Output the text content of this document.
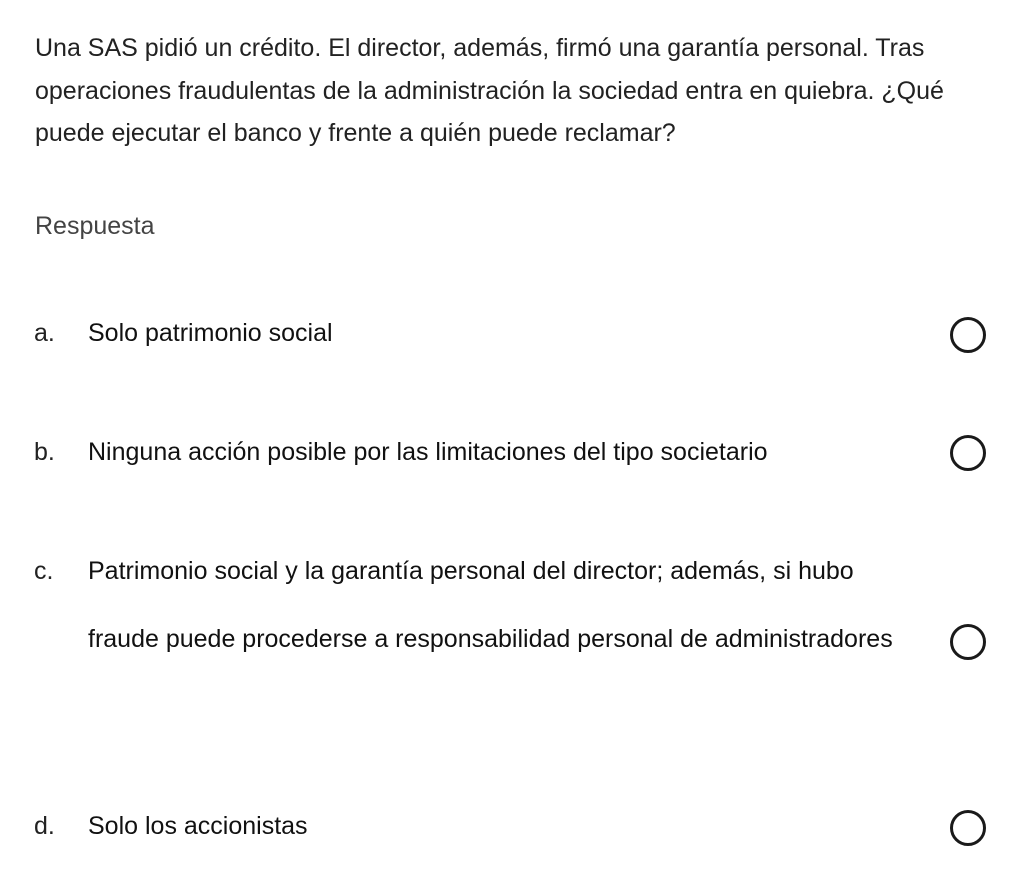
Una SAS pidió un crédito. El director, además, firmó una garantía personal. Tras operaciones fraudulentas de la administración la sociedad entra en quiebra. ¿Qué puede ejecutar el banco y frente a quién puede reclamar?

Respuesta
a. Solo patrimonio social
b. Ninguna acción posible por las limitaciones del tipo societario
c. Patrimonio social y la garantía personal del director; además, si hubo fraude puede procederse a responsabilidad personal de administradores
d. Solo los accionistas
